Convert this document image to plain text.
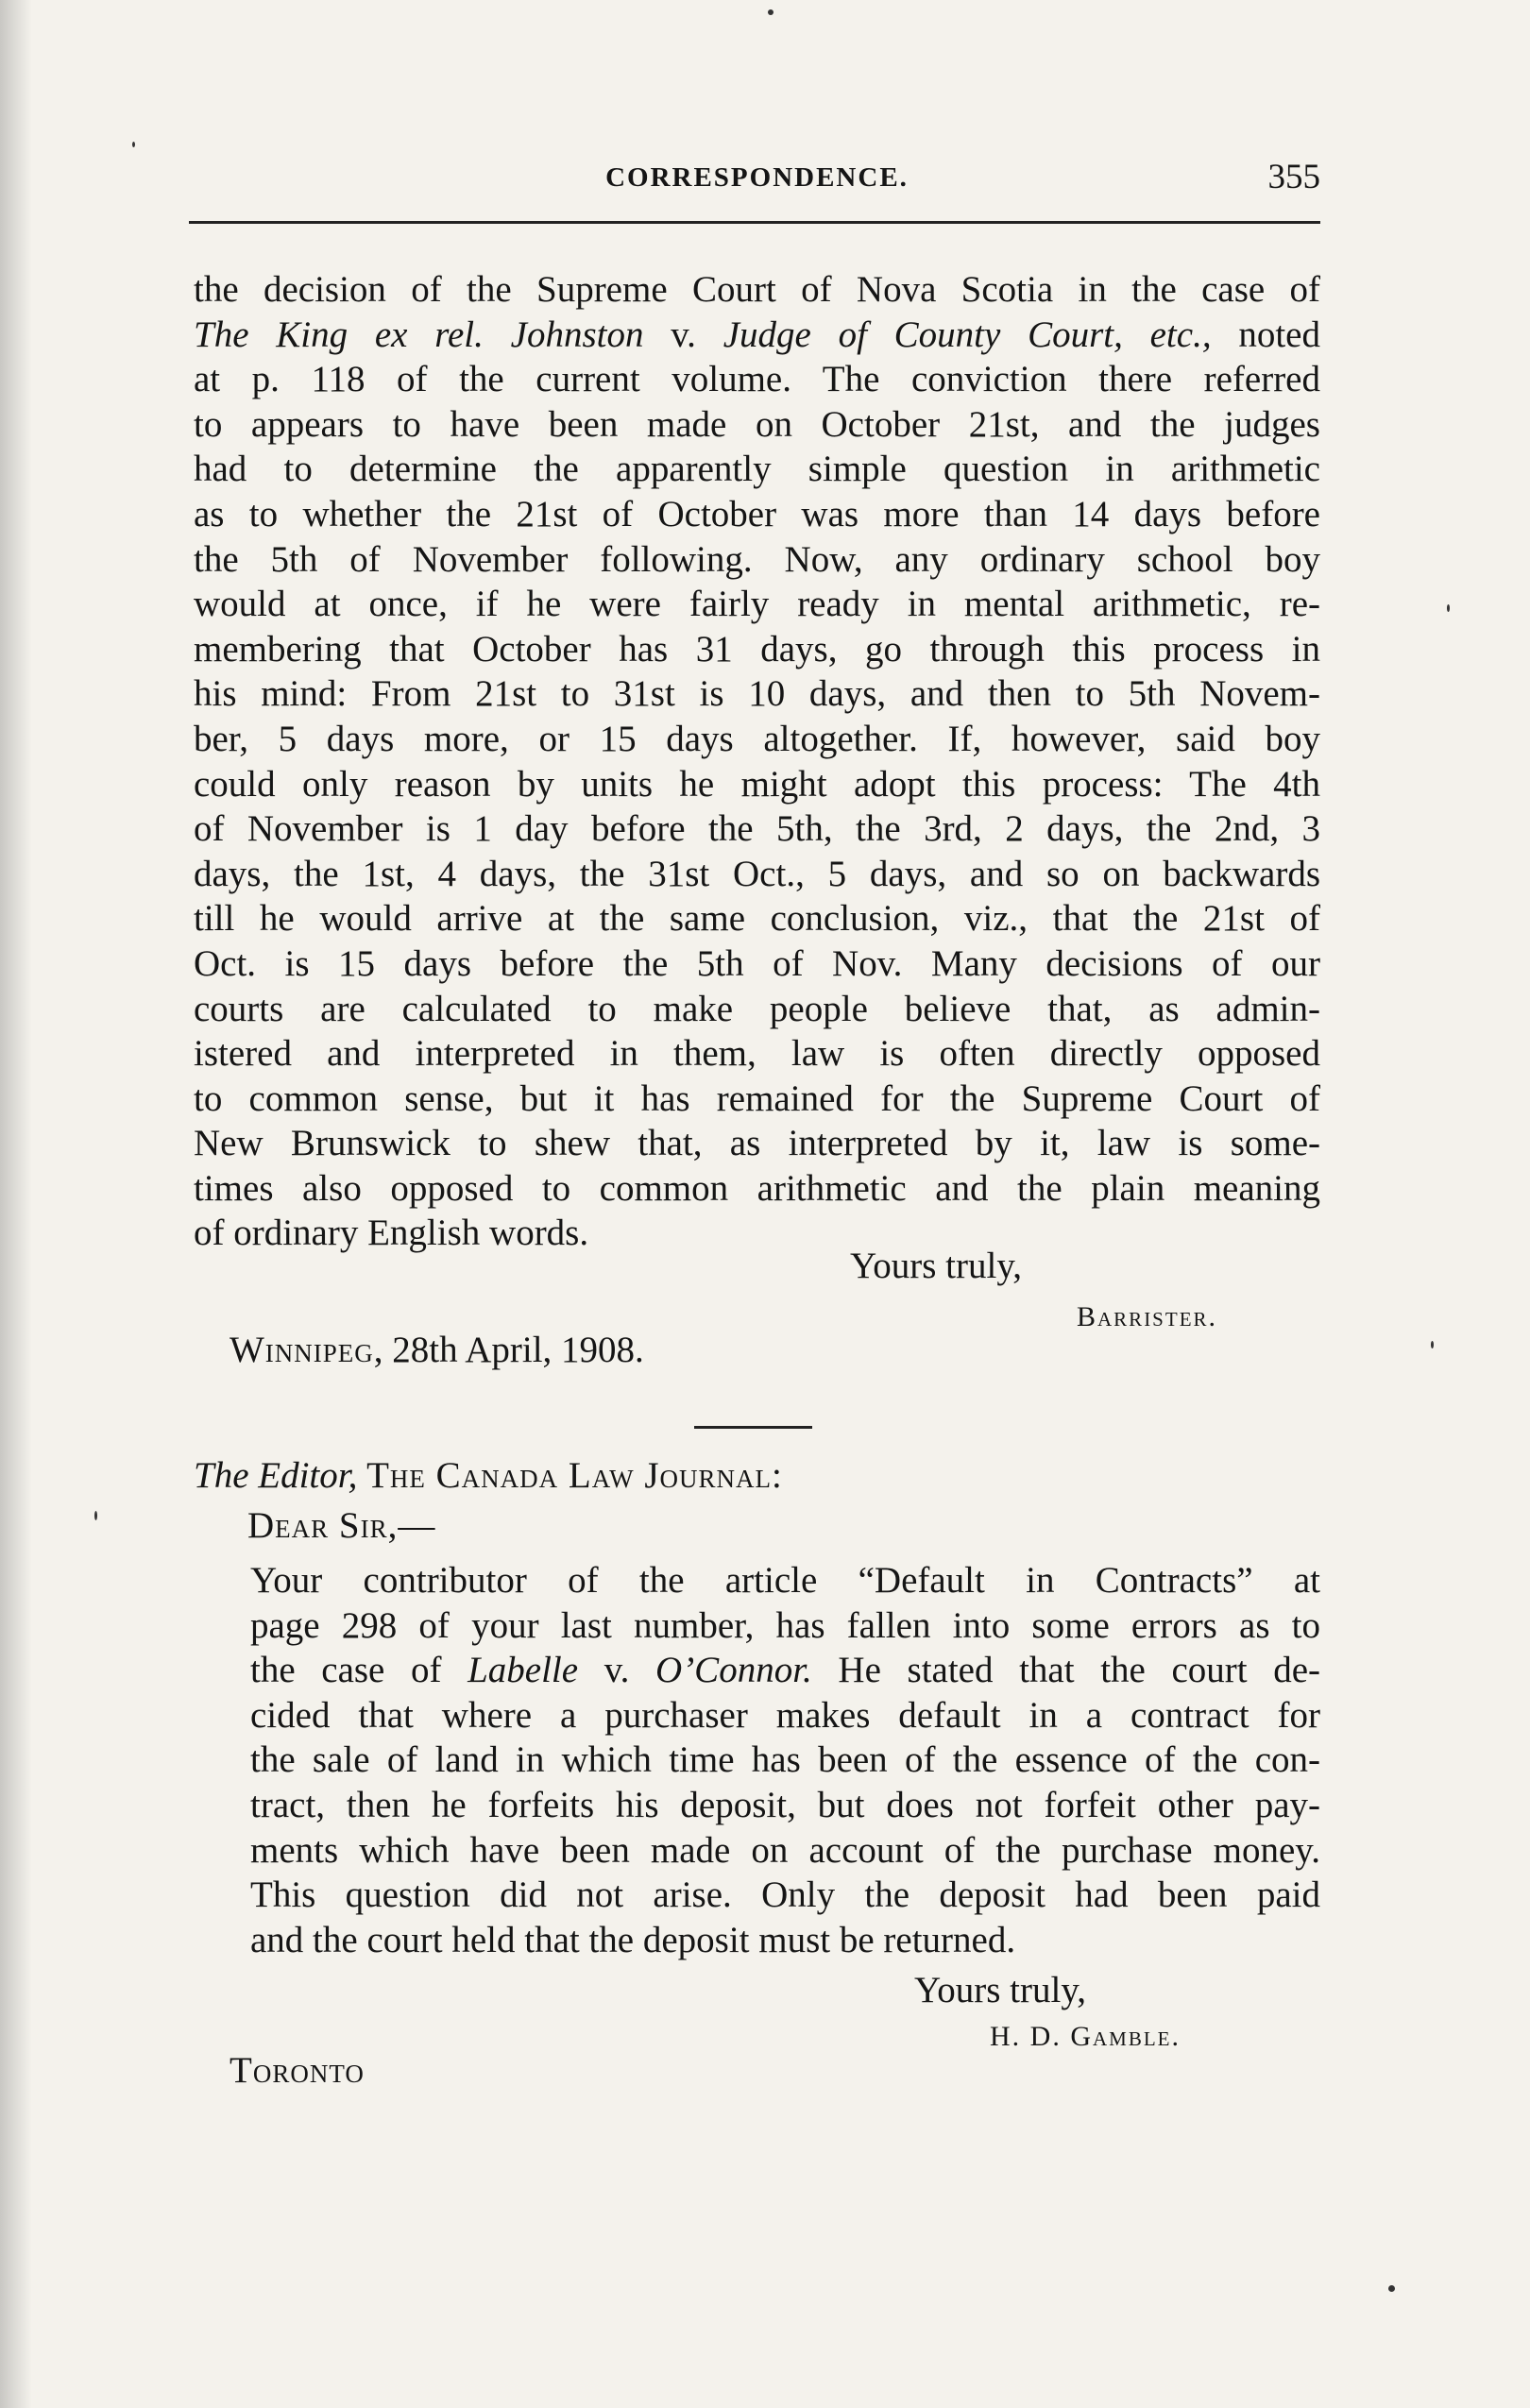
CORRESPONDENCE.	355
the decision of the Supreme Court of Nova Scotia in the case of
The King ex rel. Johnston v. Judge of County Court, etc., noted
at p. 118 of the current volume. The conviction there referred
to appears to have been made on October 21st, and the judges
had to determine the apparently simple question in arithmetic
as to whether the 21st of October was more than 14 days before
the 5th of November following. Now, any ordinary school boy
would at once, if he were fairly ready in mental arithmetic, re-
membering that October has 31 days, go through this process in
his mind: From 21st to 31st is 10 days, and then to 5th Novem-
ber, 5 days more, or 15 days altogether. If, however, said boy
could only reason by units he might adopt this process: The 4th
of November is 1 day before the 5th, the 3rd, 2 days, the 2nd, 3
days, the 1st, 4 days, the 31st Oct., 5 days, and so on backwards
till he would arrive at the same conclusion, viz., that the 21st of
Oct. is 15 days before the 5th of Nov. Many decisions of our
courts are calculated to make people believe that, as admin-
istered and interpreted in them, law is often directly opposed
to common sense, but it has remained for the Supreme Court of
New Brunswick to shew that, as interpreted by it, law is some-
times also opposed to common arithmetic and the plain meaning
of ordinary English words.
Yours truly,
Barrister.
Winnipeg, 28th April, 1908.
The Editor, The Canada Law Journal:
Dear Sir,—
Your contributor of the article “Default in Contracts” at
page 298 of your last number, has fallen into some errors as to
the case of Labelle v. O’Connor. He stated that the court de-
cided that where a purchaser makes default in a contract for
the sale of land in which time has been of the essence of the con-
tract, then he forfeits his deposit, but does not forfeit other pay-
ments which have been made on account of the purchase money.
This question did not arise. Only the deposit had been paid
and the court held that the deposit must be returned.
Yours truly,
H. D. Gamble.
Toronto
